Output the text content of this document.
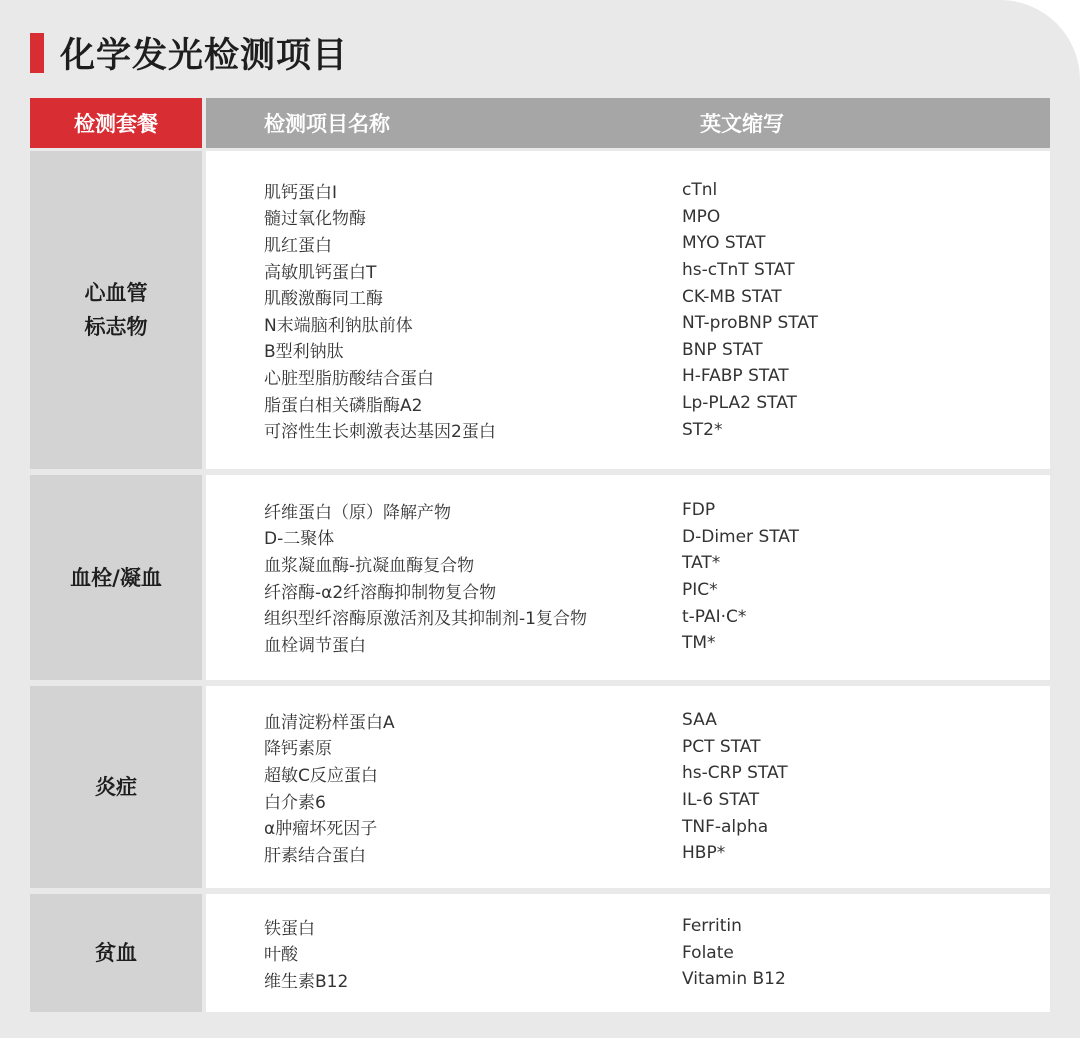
化学发光检测项目
检测套餐	检测项目名称	英文缩写
心血管
标志物
肌钙蛋白I	cTnl
髓过氧化物酶	MPO
肌红蛋白	MYO STAT
高敏肌钙蛋白T	hs-cTnT STAT
肌酸激酶同工酶	CK-MB STAT
N末端脑利钠肽前体	NT-proBNP STAT
B型利钠肽	BNP STAT
心脏型脂肪酸结合蛋白	H-FABP STAT
脂蛋白相关磷脂酶A2	Lp-PLA2 STAT
可溶性生长刺激表达基因2蛋白	ST2*
血栓/凝血
纤维蛋白（原）降解产物	FDP
D-二聚体	D-Dimer STAT
血浆凝血酶-抗凝血酶复合物	TAT*
纤溶酶-α2纤溶酶抑制物复合物	PIC*
组织型纤溶酶原激活剂及其抑制剂-1复合物	t-PAI·C*
血栓调节蛋白	TM*
炎症
血清淀粉样蛋白A	SAA
降钙素原	PCT STAT
超敏C反应蛋白	hs-CRP STAT
白介素6	IL-6 STAT
α肿瘤坏死因子	TNF-alpha
肝素结合蛋白	HBP*
贫血
铁蛋白	Ferritin
叶酸	Folate
维生素B12	Vitamin B12
